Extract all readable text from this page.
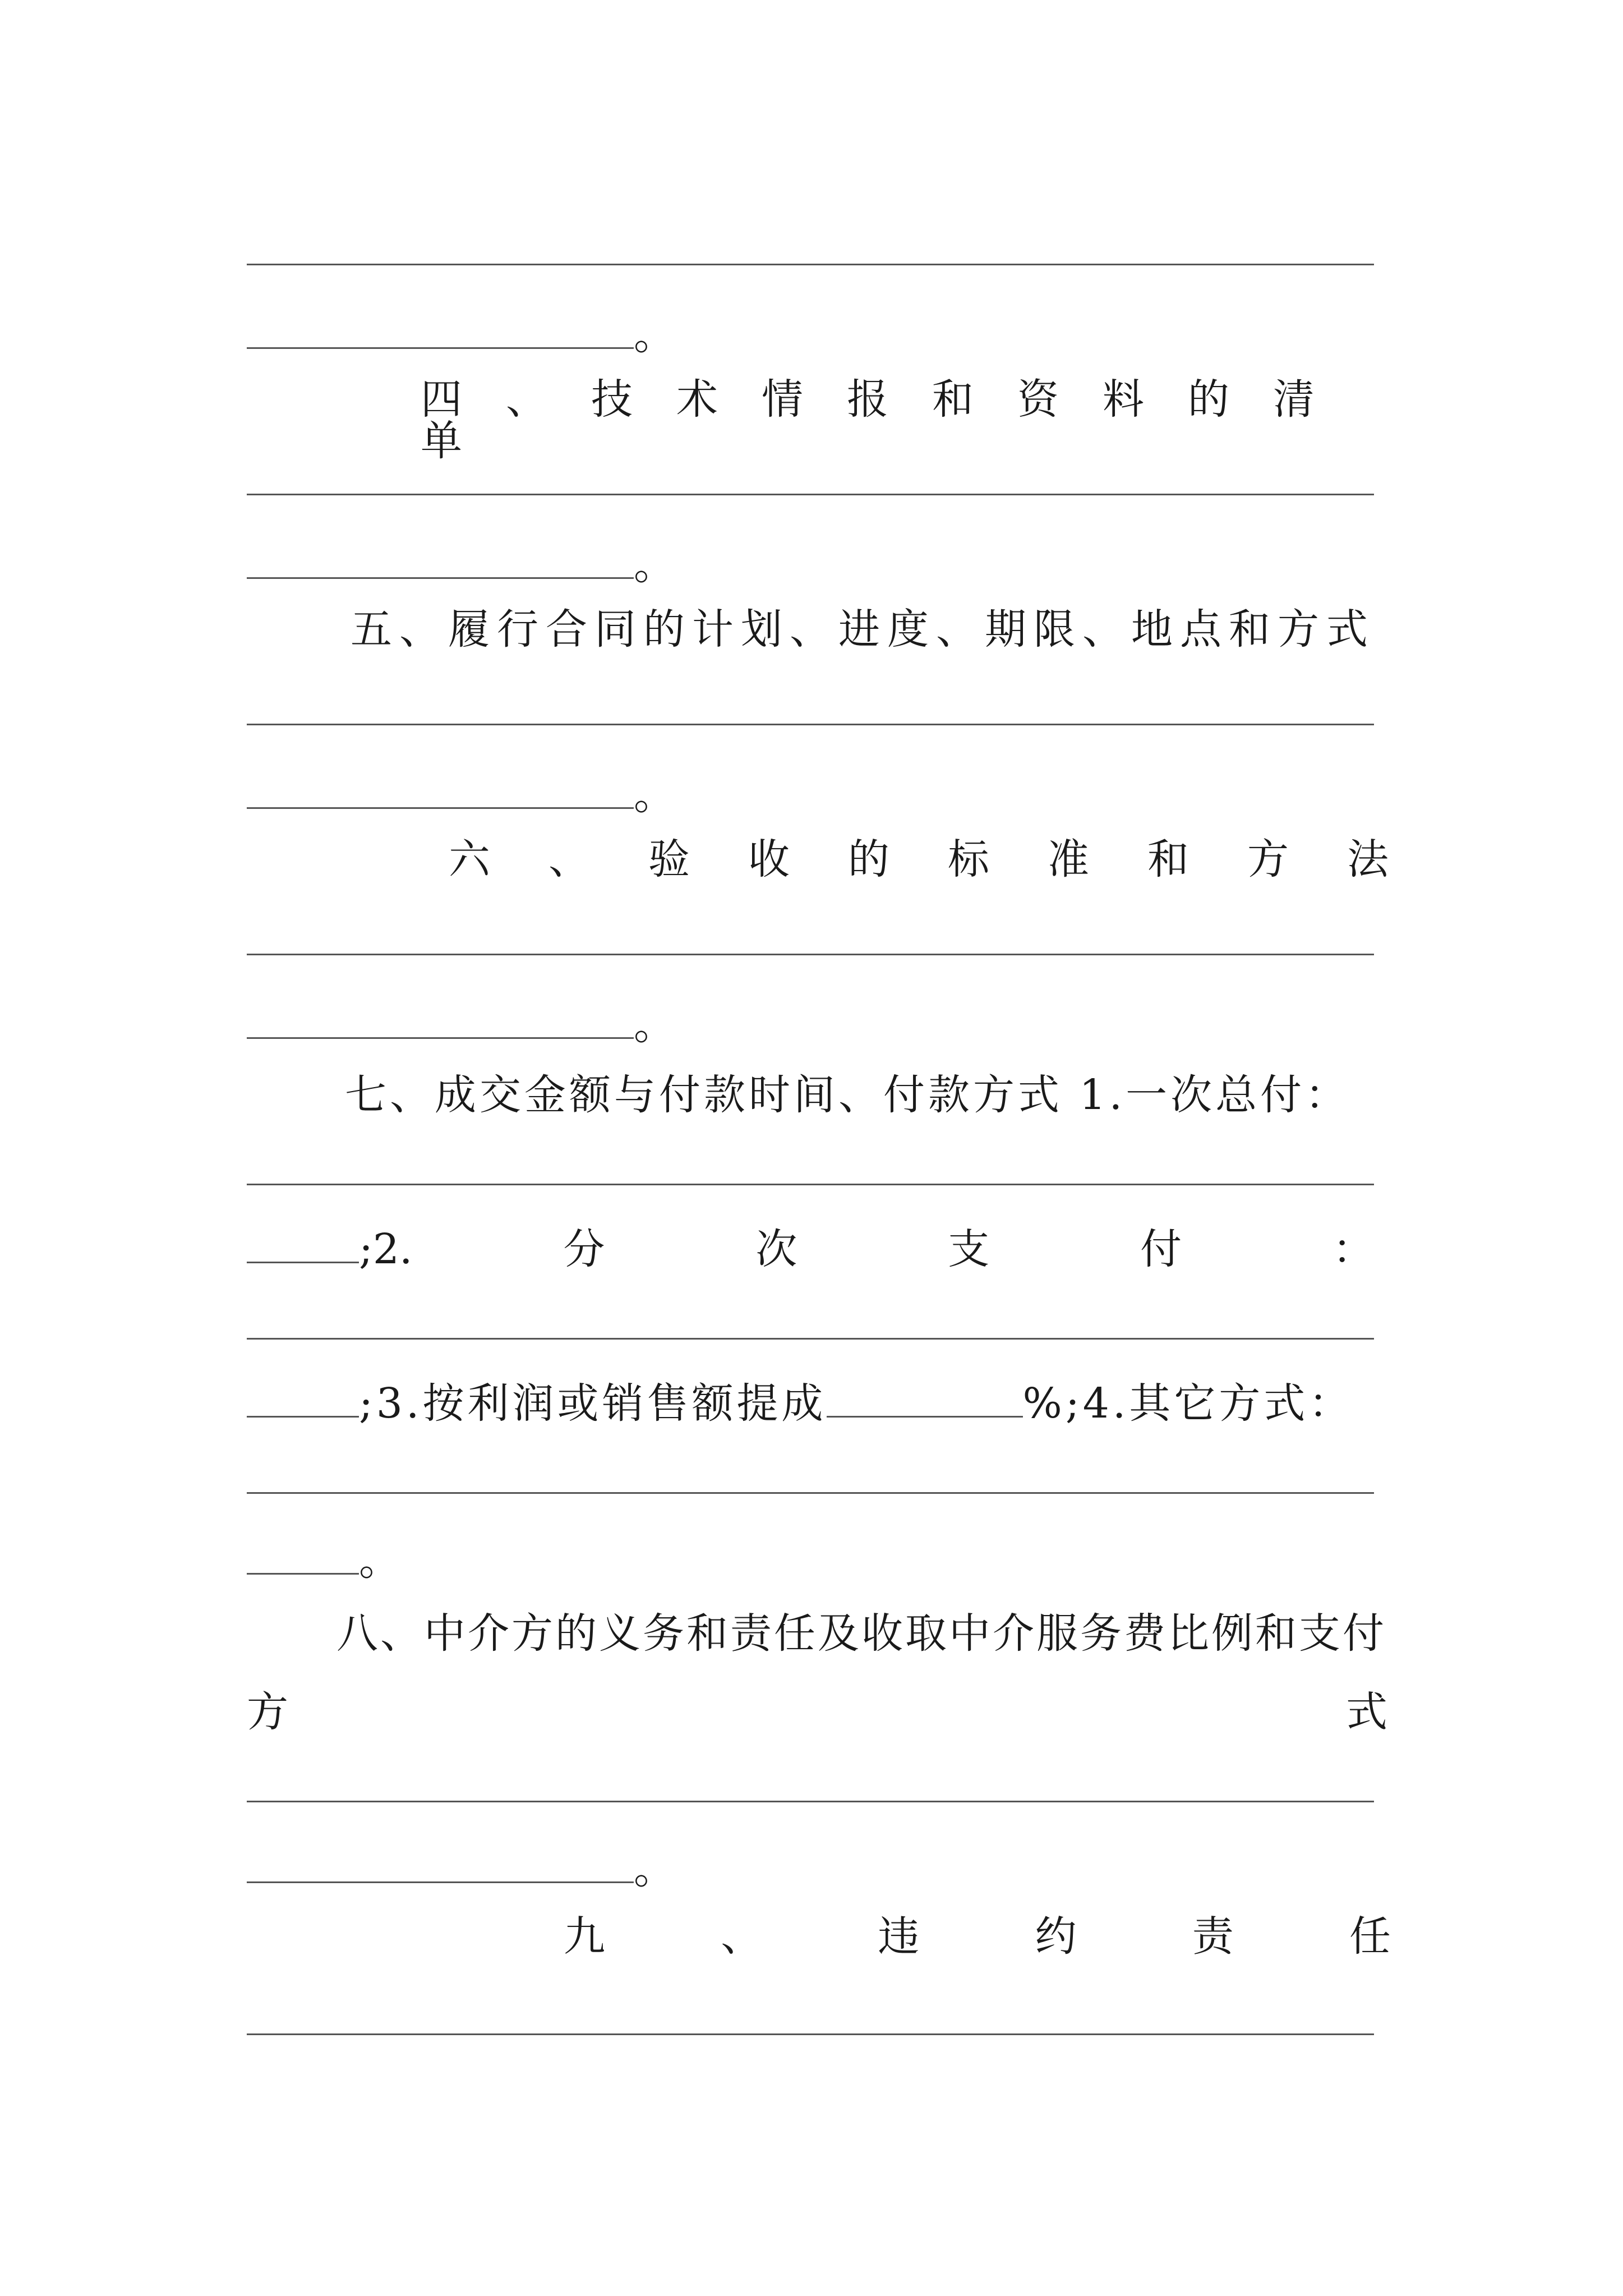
。
四、技术情报和资料的清单
。
五、履行合同的计划、进度、期限、地点和方式
。
六、验收的标准和方法
。
七、成交金额与付款时间、付款方式 1.一次总付：
;2.	分	次	支	付	：
;3.按利润或销售额提成	%;4.其它方式：
。
八、中介方的义务和责任及收取中介服务费比例和支付
方	式
。
九	、	违	约	责	任
